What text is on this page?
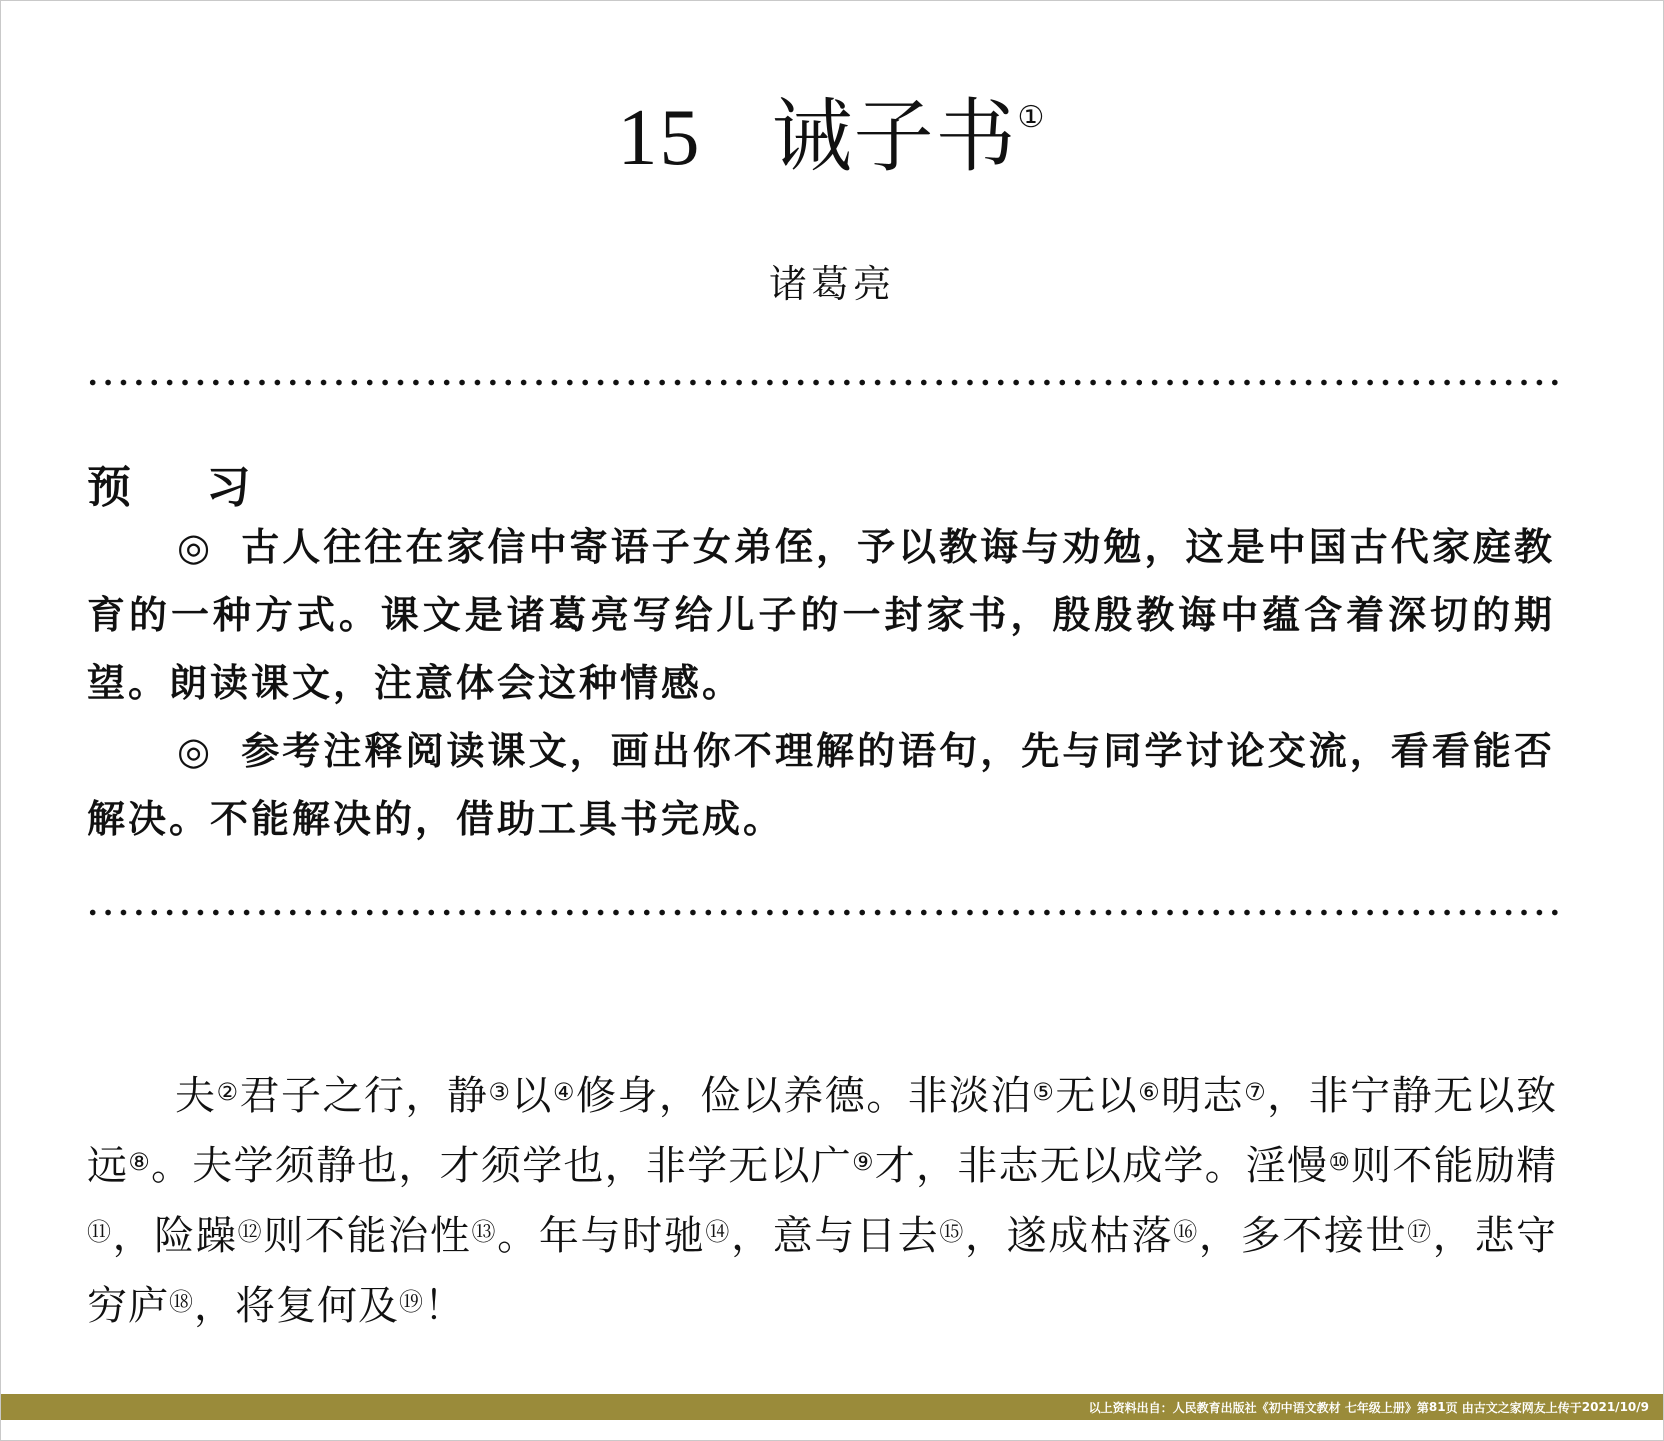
15 诫子书①
诸葛亮
预 习

◎ 古人往往在家信中寄语子女弟侄，予以教诲与劝勉，这是中国古代家庭教育的一种方式。课文是诸葛亮写给儿子的一封家书，殷殷教诲中蕴含着深切的期望。朗读课文，注意体会这种情感。

◎ 参考注释阅读课文，画出你不理解的语句，先与同学讨论交流，看看能否解决。不能解决的，借助工具书完成。

夫②君子之行，静③以④修身，俭以养德。非淡泊⑤无以⑥明志⑦，非宁静无以致远⑧。夫学须静也，才须学也，非学无以广⑨才，非志无以成学。淫慢⑩则不能励精⑪，险躁⑫则不能治性⑬。年与时驰⑭，意与日去⑮，遂成枯落⑯，多不接世⑰，悲守穷庐⑱，将复何及⑲！

以上资料出自： 人民教育出版社 《初中语文教材 七年级上册》 第 81 页 由 古文之家网友 上传于 2021/10/9
